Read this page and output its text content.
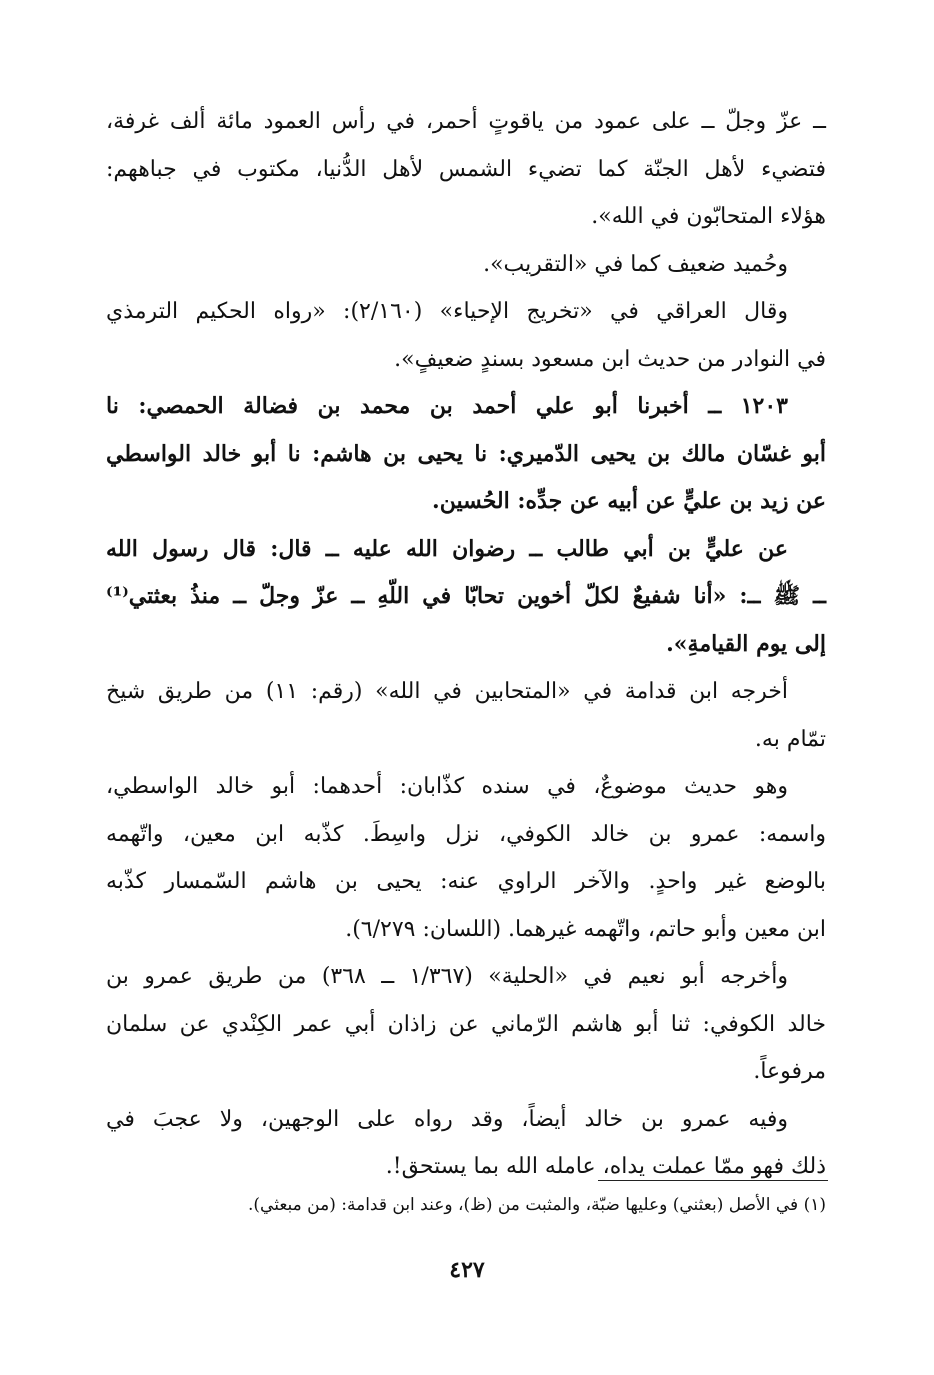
ــ عزّ وجلّ ــ على عمود من ياقوتٍ أحمر، في رأس العمود مائة ألف غرفة،
فتضيء لأهل الجنّة كما تضيء الشمس لأهل الدُّنيا، مكتوب في جباههم:
هؤلاء المتحابّون في الله».
وحُميد ضعيف كما في «التقريب».
وقال العراقي في «تخريج الإحياء» (٢/١٦٠): «رواه الحكيم الترمذي
في النوادر من حديث ابن مسعود بسندٍ ضعيفٍ».
١٢٠٣ ــ أخبرنا أبو علي أحمد بن محمد بن فضالة الحمصي: نا
أبو غسّان مالك بن يحيى الدّميري: نا يحيى بن هاشم: نا أبو خالد الواسطي
عن زيد بن عليٍّ عن أبيه عن جدِّه: الحُسين.
عن عليٍّ بن أبي طالب ــ رضوان الله عليه ــ قال: قال رسول الله
ــ ﷺ ــ: «أنا شفيعٌ لكلّ أخوين تحابّا في اللّهِ ــ عزّ وجلّ ــ منذُ بعثتي⁽¹⁾
إلى يوم القيامةِ».
أخرجه ابن قدامة في «المتحابين في الله» (رقم: ١١) من طريق شيخ
تمّام به.
وهو حديث موضوعٌ، في سنده كذّابان: أحدهما: أبو خالد الواسطي،
واسمه: عمرو بن خالد الكوفي، نزل واسِطَ. كذّبه ابن معين، واتّهمه
بالوضع غير واحدٍ. والآخر الراوي عنه: يحيى بن هاشم السّمسار كذّبه
ابن معين وأبو حاتم، واتّهمه غيرهما. (اللسان: ٦/٢٧٩).
وأخرجه أبو نعيم في «الحلية» (١/٣٦٧ ــ ٣٦٨) من طريق عمرو بن
خالد الكوفي: ثنا أبو هاشم الرّماني عن زاذان أبي عمر الكِنْدي عن سلمان
مرفوعاً.
وفيه عمرو بن خالد أيضاً، وقد رواه على الوجهين، ولا عجبَ في
ذلك فهو ممّا عملت يداه، عامله الله بما يستحق!.
(١) في الأصل (بعثني) وعليها ضبّة، والمثبت من (ظ)، وعند ابن قدامة: (من مبعثي).
٤٢٧
